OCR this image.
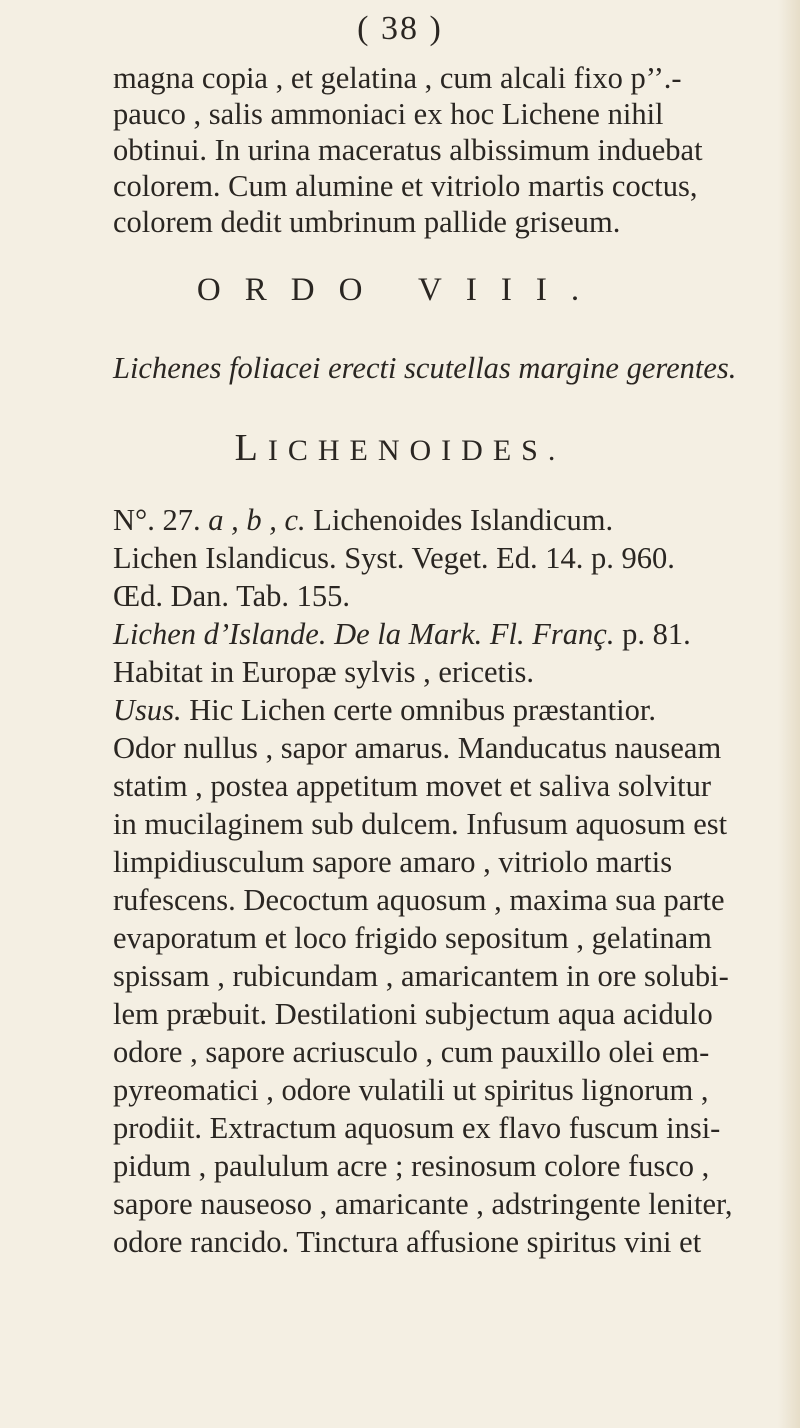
( 38 )
magna copia , et gelatina , cum alcali fixo p’’.-
pauco , salis ammoniaci ex hoc Lichene nihil
obtinui. In urina maceratus albissimum induebat
colorem. Cum alumine et vitriolo martis coctus,
colorem dedit umbrinum pallide griseum.
ORDO VIII.
Lichenes foliacei erecti scutellas margine gerentes.
LICHENOIDES.
N°. 27. a , b , c. Lichenoides Islandicum.
Lichen Islandicus. Syst. Veget. Ed. 14. p. 960.
Œd. Dan. Tab. 155.
Lichen d’Islande. De la Mark. Fl. Franç. p. 81.
Habitat in Europæ sylvis , ericetis.
Usus. Hic Lichen certe omnibus præstantior.
Odor nullus , sapor amarus. Manducatus nauseam
statim , postea appetitum movet et saliva solvitur
in mucilaginem sub dulcem. Infusum aquosum est
limpidiusculum sapore amaro , vitriolo martis
rufescens. Decoctum aquosum , maxima sua parte
evaporatum et loco frigido sepositum , gelatinam
spissam , rubicundam , amaricantem in ore solubi-
lem præbuit. Destilationi subjectum aqua acidulo
odore , sapore acriusculo , cum pauxillo olei em-
pyreomatici , odore vulatili ut spiritus lignorum ,
prodiit. Extractum aquosum ex flavo fuscum insi-
pidum , paululum acre ; resinosum colore fusco ,
sapore nauseoso , amaricante , adstringente leniter,
odore rancido. Tinctura affusione spiritus vini et
